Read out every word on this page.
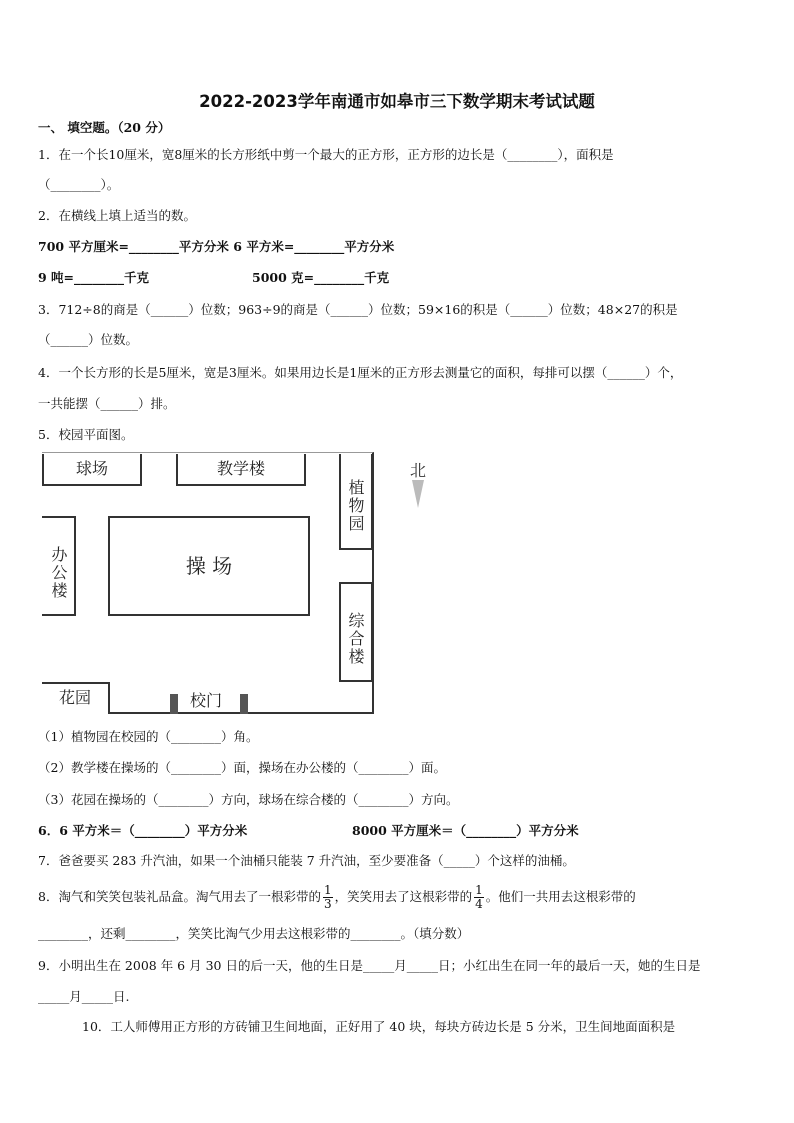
2022-2023学年南通市如皋市三下数学期末考试试题
一、 填空题。（20 分）
1．在一个长10厘米，宽8厘米的长方形纸中剪一个最大的正方形，正方形的边长是（________），面积是
（________）。
2．在横线上填上适当的数。
700 平方厘米=________平方分米 6 平方米=________平方分米
9 吨=________千克	5000 克=________千克
3．712÷8的商是（______）位数；963÷9的商是（______）位数；59×16的积是（______）位数；48×27的积是
（______）位数。
4．一个长方形的长是5厘米，宽是3厘米。如果用边长是1厘米的正方形去测量它的面积，每排可以摆（______）个，
一共能摆（______）排。
5．校园平面图。
球场	教学楼
植物园
北
办公楼	操 场
综合楼
花园	校门
（1）植物园在校园的（________）角。
（2）教学楼在操场的（________）面，操场在办公楼的（________）面。
（3）花园在操场的（________）方向，球场在综合楼的（________）方向。
6．6 平方米＝（________）平方分米	8000 平方厘米＝（________）平方分米
7．爸爸要买 283 升汽油，如果一个油桶只能装 7 升汽油，至少要准备（_____）个这样的油桶。
8．淘气和笑笑包装礼品盒。淘气用去了一根彩带的 $\frac{1}{3}$ ，笑笑用去了这根彩带的 $\frac{1}{4}$ 。他们一共用去这根彩带的
________，还剩________，笑笑比淘气少用去这根彩带的________。（填分数）
9．小明出生在 2008 年 6 月 30 日的后一天，他的生日是_____月_____日；小红出生在同一年的最后一天，她的生日是
_____月_____日.
10．工人师傅用正方形的方砖铺卫生间地面，正好用了 40 块，每块方砖边长是 5 分米，卫生间地面面积是
